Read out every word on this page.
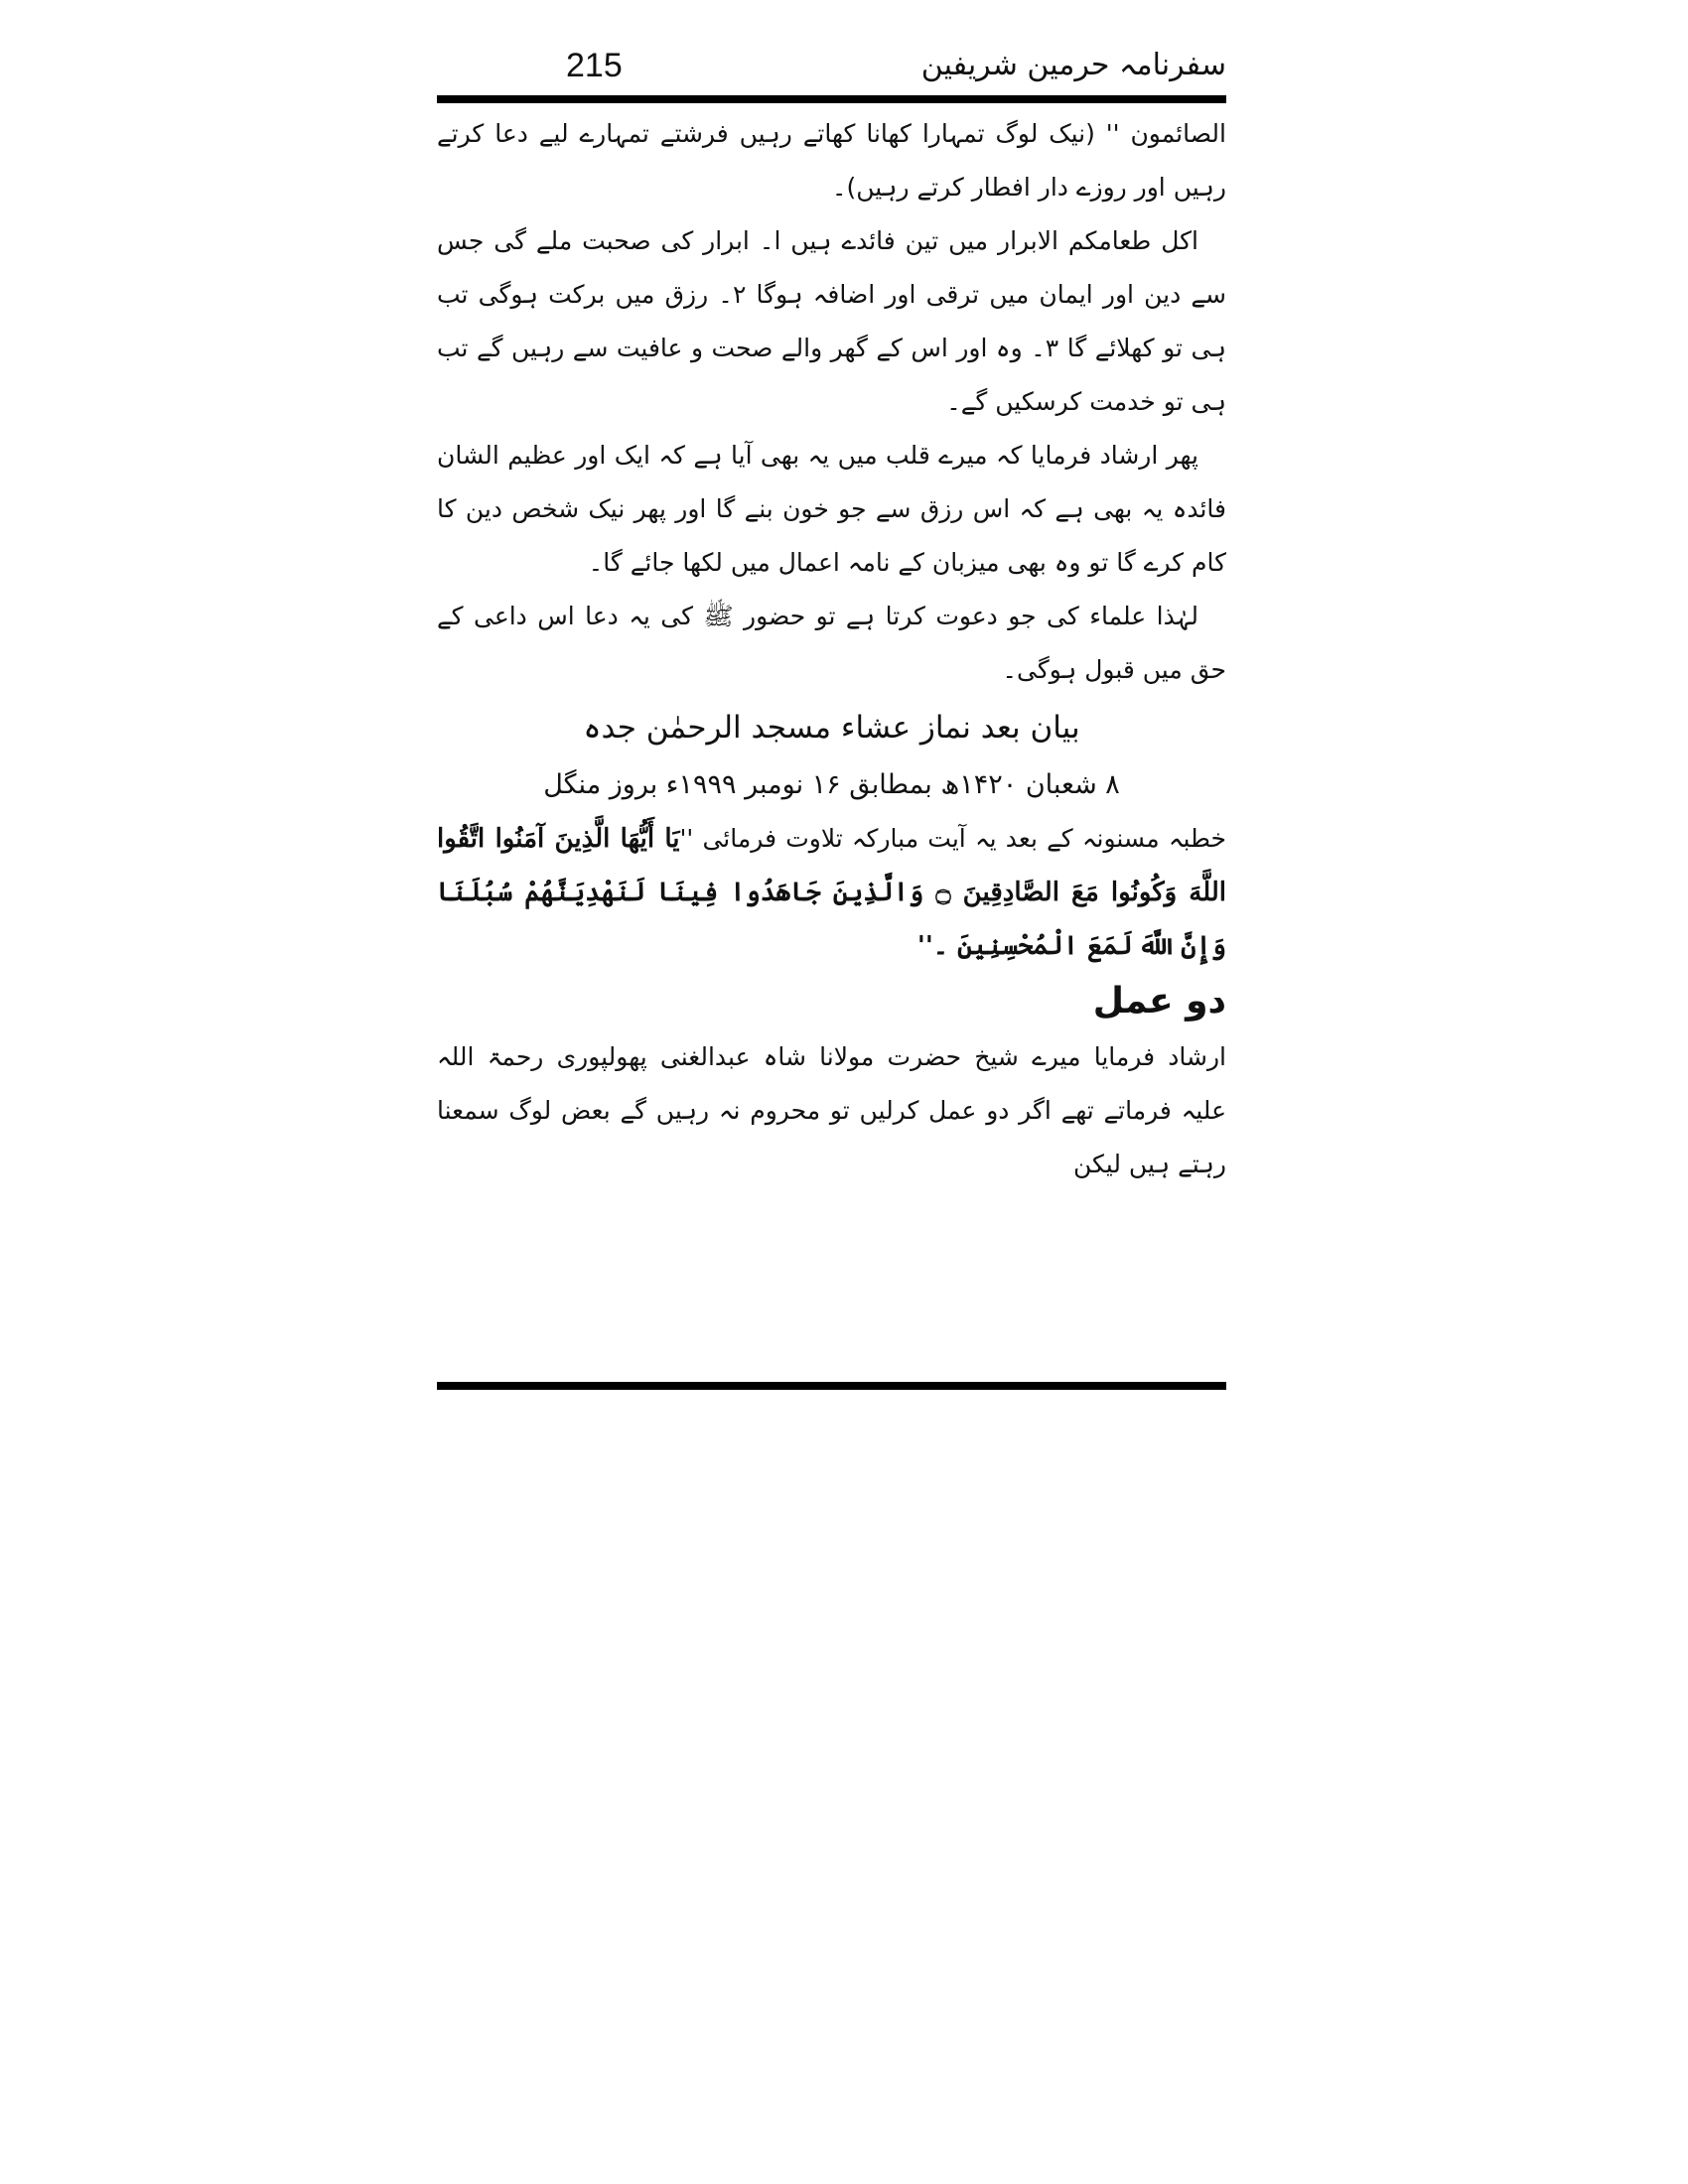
215	سفرنامہ حرمین شریفین

الصائمون '' (نیک لوگ تمہارا کھانا کھاتے رہیں فرشتے تمہارے لیے دعا کرتے رہیں اور روزے دار افطار کرتے رہیں)۔

اکل طعامکم الابرار میں تین فائدے ہیں ا۔ ابرار کی صحبت ملے گی جس سے دین اور ایمان میں ترقی اور اضافہ ہوگا ۲۔ رزق میں برکت ہوگی تب ہی تو کھلائے گا ۳۔ وہ اور اس کے گھر والے صحت و عافیت سے رہیں گے تب ہی تو خدمت کرسکیں گے۔

پھر ارشاد فرمایا کہ میرے قلب میں یہ بھی آیا ہے کہ ایک اور عظیم الشان فائدہ یہ بھی ہے کہ اس رزق سے جو خون بنے گا اور پھر نیک شخص دین کا کام کرے گا تو وہ بھی میزبان کے نامہ اعمال میں لکھا جائے گا۔

لہٰذا علماء کی جو دعوت کرتا ہے تو حضور ﷺ کی یہ دعا اس داعی کے حق میں قبول ہوگی۔

بیان بعد نماز عشاء مسجد الرحمٰن جدہ

۸ شعبان ۱۴۲۰ھ بمطابق ۱۶ نومبر ۱۹۹۹ء بروز منگل

خطبہ مسنونہ کے بعد یہ آیت مبارکہ تلاوت فرمائی ''یَا أَیُّهَا الَّذِینَ آمَنُوا اتَّقُوا اللَّهَ وَكُونُوا مَعَ الصَّادِقِینَ ۝ وَالَّذِینَ جَاهَدُوا فِینَا لَنَهْدِیَنَّهُمْ سُبُلَنَا وَإِنَّ اللَّهَ لَمَعَ الْمُحْسِنِینَ ۔''

دو عمل

ارشاد فرمایا میرے شیخ حضرت مولانا شاہ عبدالغنی پھولپوری رحمۃ اللہ علیہ فرماتے تھے اگر دو عمل کرلیں تو محروم نہ رہیں گے بعض لوگ سمعنا رہتے ہیں لیکن
